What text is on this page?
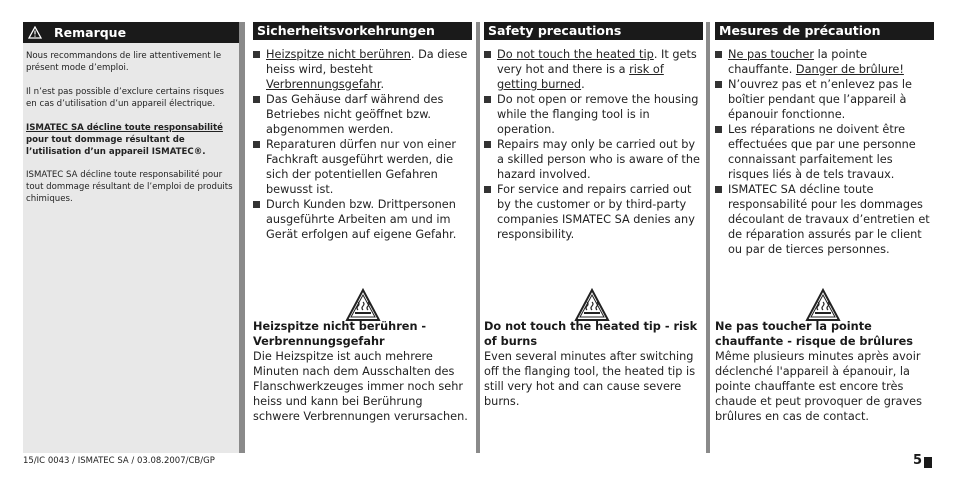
Remarque
Nous recommandons de lire attentivement le présent mode d’emploi.
Il n’est pas possible d’exclure certains risques en cas d’utilisation d’un appareil électrique.
ISMATEC SA décline toute responsabilité pour tout dommage résultant de l’utilisation d’un appareil ISMATEC®.
ISMATEC SA décline toute responsabilité pour tout dommage résultant de l’emploi de produits chimiques.
Sicherheitsvorkehrungen
Heizspitze nicht berühren. Da diese heiss wird, besteht Verbrennungsgefahr.
Das Gehäuse darf während des Betriebes nicht geöffnet bzw. abgenommen werden.
Reparaturen dürfen nur von einer Fachkraft ausgeführt werden, die sich der potentiellen Gefahren bewusst ist.
Durch Kunden bzw. Drittpersonen ausgeführte Arbeiten am und im Gerät erfolgen auf eigene Gefahr.
Heizspitze nicht berühren - Verbrennungsgefahr
Die Heizspitze ist auch mehrere Minuten nach dem Ausschalten des Flanschwerkzeuges immer noch sehr heiss und kann bei Berührung schwere Verbrennungen verursachen.
Safety precautions
Do not touch the heated tip. It gets very hot and there is a risk of getting burned.
Do not open or remove the housing while the flanging tool is in operation.
Repairs may only be carried out by a skilled person who is aware of the hazard involved.
For service and repairs carried out by the customer or by third-party companies ISMATEC SA denies any responsibility.
Do not touch the heated tip - risk of burns
Even several minutes after switching off the flanging tool, the heated tip is still very hot and can cause severe burns.
Mesures de précaution
Ne pas toucher la pointe chauffante. Danger de brûlure!
N’ouvrez pas et n’enlevez pas le boîtier pendant que l’appareil à épanouir fonctionne.
Les réparations ne doivent être effectuées que par une personne connaissant parfaitement les risques liés à de tels travaux.
ISMATEC SA décline toute responsabilité pour les dommages découlant de travaux d’entretien et de réparation assurés par le client ou par de tierces personnes.
Ne pas toucher la pointe chauffante - risque de brûlures
Même plusieurs minutes après avoir déclenché l'appareil à épanouir, la pointe chauffante est encore très chaude et peut provoquer de graves brûlures en cas de contact.
15/IC 0043 / ISMATEC SA / 03.08.2007/CB/GP	5
